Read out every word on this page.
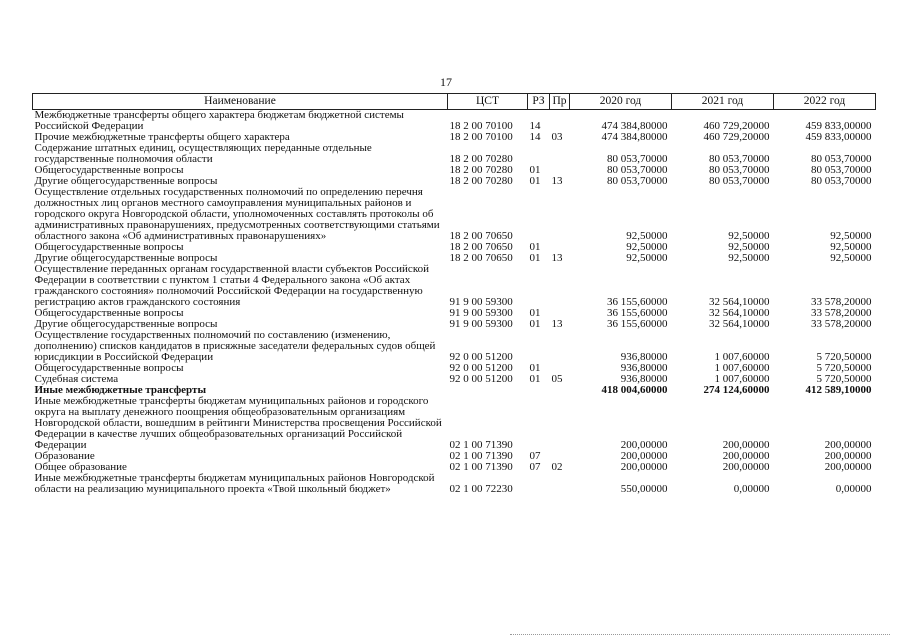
17
Наименование	ЦСТ	РЗ	Пр	2020 год	2021 год	2022 год
Межбюджетные трансферты общего характера бюджетам бюджетной системы Российской Федерации	18 2 00 70100	14		474 384,80000	460 729,20000	459 833,00000
Прочие межбюджетные трансферты общего характера	18 2 00 70100	14	03	474 384,80000	460 729,20000	459 833,00000
Содержание штатных единиц, осуществляющих переданные отдельные государственные полномочия области	18 2 00 70280			80 053,70000	80 053,70000	80 053,70000
Общегосударственные вопросы	18 2 00 70280	01		80 053,70000	80 053,70000	80 053,70000
Другие общегосударственные вопросы	18 2 00 70280	01	13	80 053,70000	80 053,70000	80 053,70000
Осуществление отдельных государственных полномочий по определению перечня должностных лиц органов местного самоуправления муниципальных районов и городского округа Новгородской области, уполномоченных составлять протоколы об административных правонарушениях, предусмотренных соответствующими статьями областного закона «Об административных правонарушениях»	18 2 00 70650			92,50000	92,50000	92,50000
Общегосударственные вопросы	18 2 00 70650	01		92,50000	92,50000	92,50000
Другие общегосударственные вопросы	18 2 00 70650	01	13	92,50000	92,50000	92,50000
Осуществление переданных органам государственной власти субъектов Российской Федерации в соответствии с пунктом 1 статьи 4 Федерального закона «Об актах гражданского состояния» полномочий Российской Федерации на государственную регистрацию актов гражданского состояния	91 9 00 59300			36 155,60000	32 564,10000	33 578,20000
Общегосударственные вопросы	91 9 00 59300	01		36 155,60000	32 564,10000	33 578,20000
Другие общегосударственные вопросы	91 9 00 59300	01	13	36 155,60000	32 564,10000	33 578,20000
Осуществление государственных полномочий по составлению (изменению, дополнению) списков кандидатов в присяжные заседатели федеральных судов общей юрисдикции в Российской Федерации	92 0 00 51200			936,80000	1 007,60000	5 720,50000
Общегосударственные вопросы	92 0 00 51200	01		936,80000	1 007,60000	5 720,50000
Судебная система	92 0 00 51200	01	05	936,80000	1 007,60000	5 720,50000
Иные межбюджетные трансферты				418 004,60000	274 124,60000	412 589,10000
Иные межбюджетные трансферты бюджетам муниципальных районов и городского округа на выплату денежного поощрения общеобразовательным организациям Новгородской области, вошедшим в рейтинги Министерства просвещения Российской Федерации в качестве лучших общеобразовательных организаций Российской Федерации	02 1 00 71390			200,00000	200,00000	200,00000
Образование	02 1 00 71390	07		200,00000	200,00000	200,00000
Общее образование	02 1 00 71390	07	02	200,00000	200,00000	200,00000
Иные межбюджетные трансферты бюджетам муниципальных районов Новгородской области на реализацию муниципального проекта «Твой школьный бюджет»	02 1 00 72230			550,00000	0,00000	0,00000
